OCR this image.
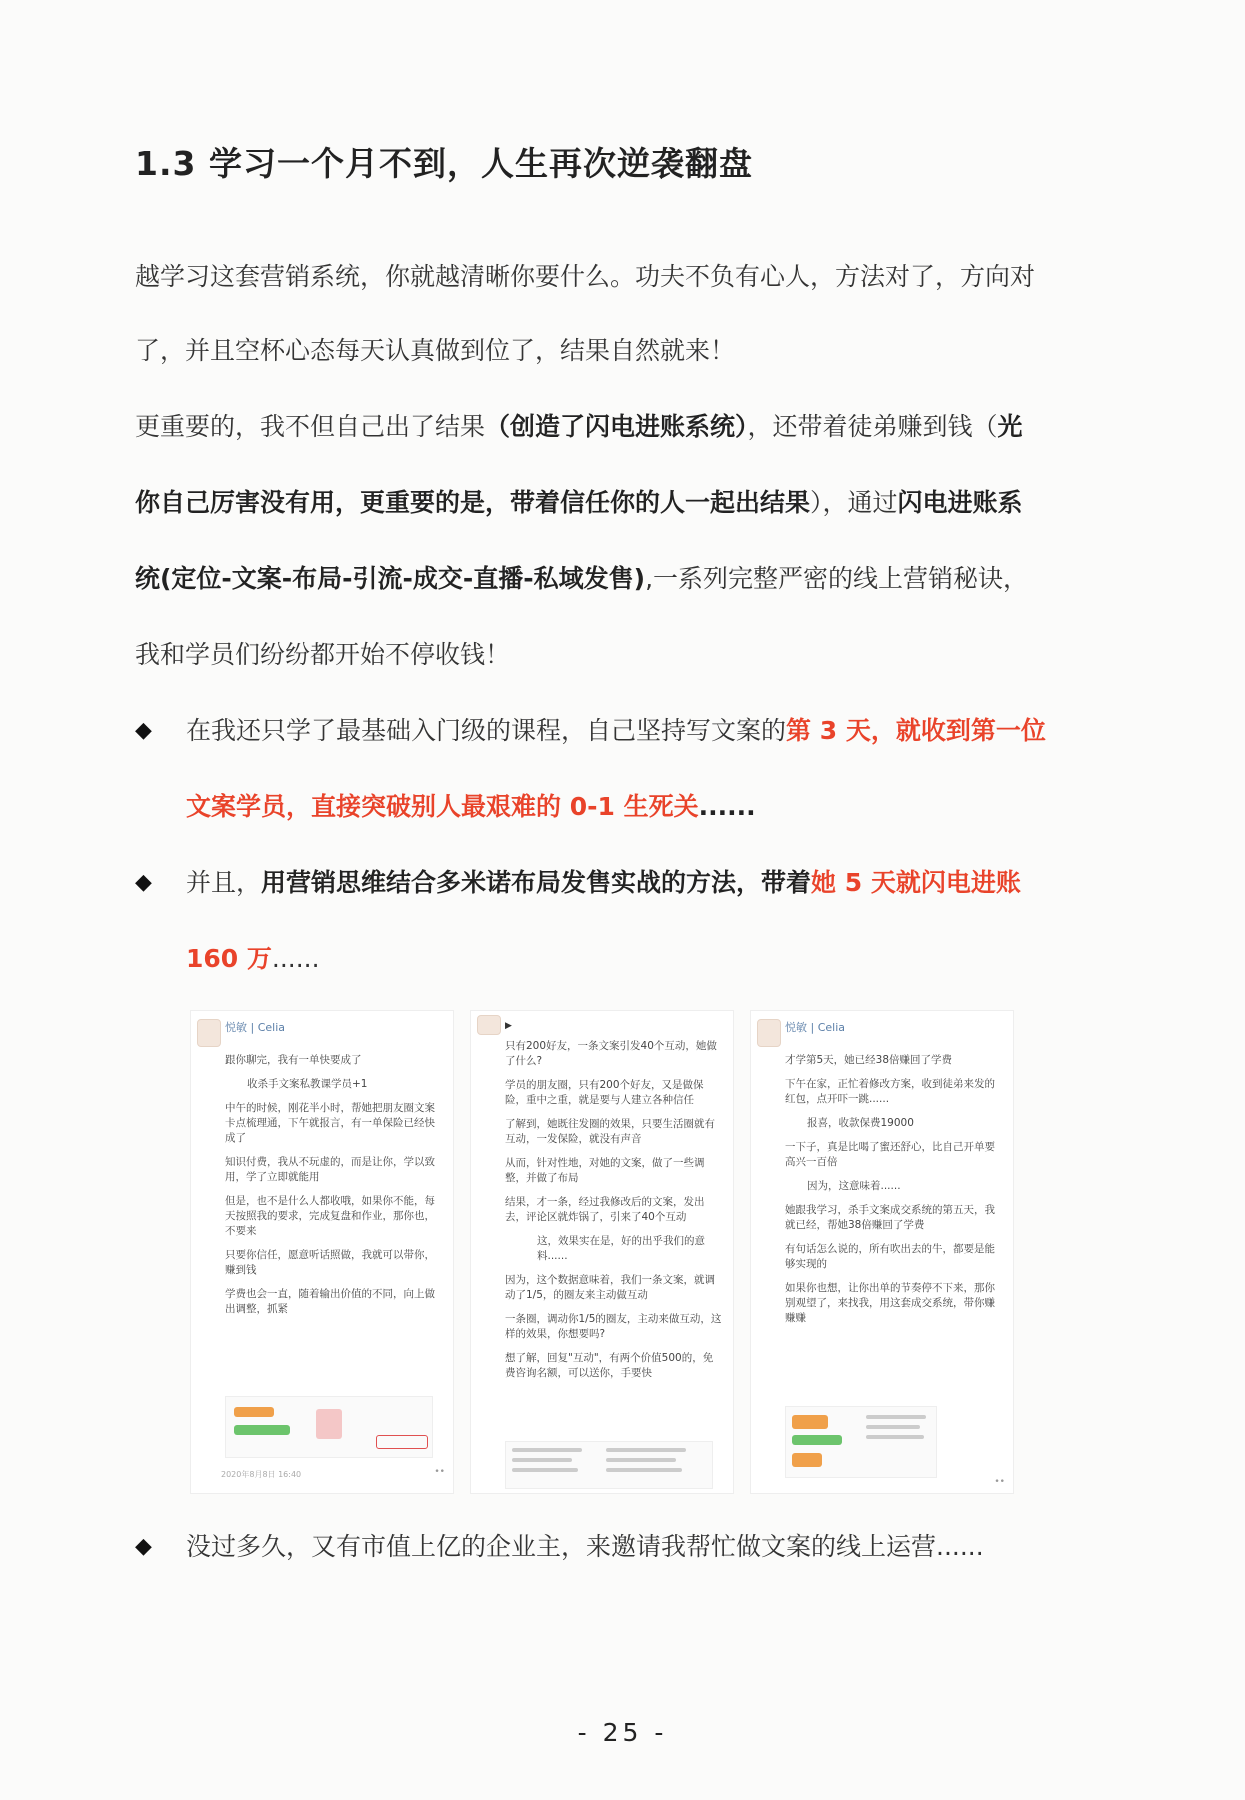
1.3 学习一个月不到，人生再次逆袭翻盘
越学习这套营销系统，你就越清晰你要什么。功夫不负有心人，方法对了，方向对
了，并且空杯心态每天认真做到位了，结果自然就来！
更重要的，我不但自己出了结果（创造了闪电进账系统），还带着徒弟赚到钱（光
你自己厉害没有用，更重要的是，带着信任你的人一起出结果），通过闪电进账系
统(定位-文案-布局-引流-成交-直播-私域发售),一系列完整严密的线上营销秘诀，
我和学员们纷纷都开始不停收钱！
◆ 在我还只学了最基础入门级的课程，自己坚持写文案的第 3 天，就收到第一位
文案学员，直接突破别人最艰难的 0-1 生死关......
◆ 并且，用营销思维结合多米诺布局发售实战的方法，带着她 5 天就闪电进账
160 万......
悦敏 | Celia

跟你聊完，我有一单快要成了

收杀手文案私教课学员+1

中午的时候，刚花半小时，帮她把朋友圈文案卡点梳理通，下午就报言，有一单保险已经快成了

知识付费，我从不玩虚的，而是让你，学以致用，学了立即就能用

但是，也不是什么人都收哦，如果你不能，每天按照我的要求，完成复盘和作业，那你也，不要来

只要你信任，愿意听话照做，我就可以带你，赚到钱

学费也会一直，随着输出价值的不同，向上做出调整，抓紧

2020年8月8日 16:40	••
▶

只有200好友，一条文案引发40个互动，她做了什么?

学员的朋友圈，只有200个好友，又是做保险，重中之重，就是要与人建立各种信任

了解到，她既往发圈的效果，只要生活圈就有互动，一发保险，就没有声音

从而，针对性地，对她的文案，做了一些调整，并做了布局

结果，才一条，经过我修改后的文案，发出去，评论区就炸锅了，引来了40个互动

这，效果实在是，好的出乎我们的意料......

因为，这个数据意味着，我们一条文案，就调动了1/5，的圈友来主动做互动

一条圈，调动你1/5的圈友，主动来做互动，这样的效果，你想要吗?

想了解，回复"互动"，有两个价值500的，免费咨询名额，可以送你，手要快

悦敏 | Celia

才学第5天，她已经38倍赚回了学费

下午在家，正忙着修改方案，收到徒弟来发的红包，点开吓一跳......

报喜，收款保费19000

一下子，真是比喝了蜜还舒心，比自己开单要高兴一百倍

因为，这意味着......

她跟我学习，杀手文案成交系统的第五天，我就已经，帮她38倍赚回了学费

有句话怎么说的，所有吹出去的牛，都要是能够实现的

如果你也想，让你出单的节奏停不下来，那你别观望了，来找我，用这套成交系统，带你赚赚赚

••
◆ 没过多久，又有市值上亿的企业主，来邀请我帮忙做文案的线上运营......
- 25 -
